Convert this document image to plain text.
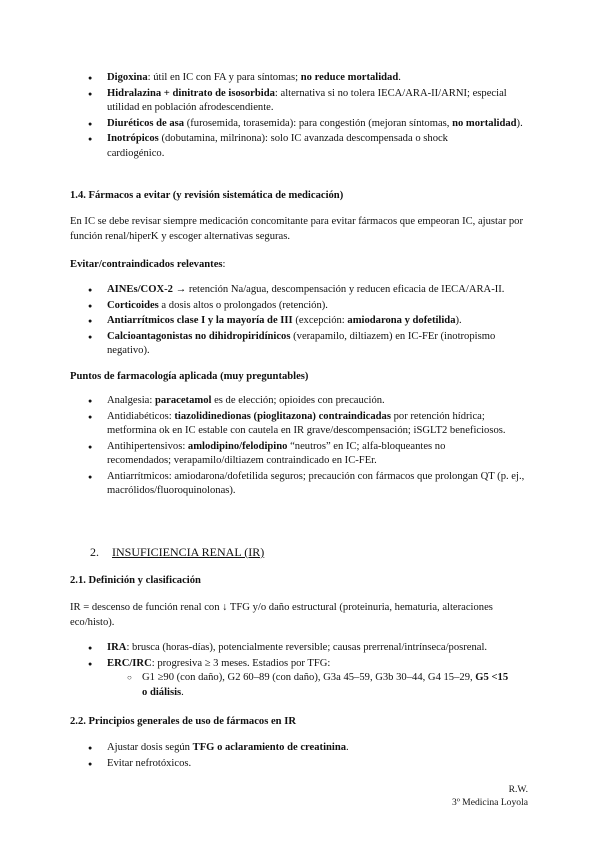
● Digoxina: útil en IC con FA y para síntomas; no reduce mortalidad.
● Hidralazina + dinitrato de isosorbida: alternativa si no tolera IECA/ARA-II/ARNI; especial utilidad en población afrodescendiente.
● Diuréticos de asa (furosemida, torasemida): para congestión (mejoran síntomas, no mortalidad).
● Inotrópicos (dobutamina, milrinona): solo IC avanzada descompensada o shock cardiogénico.

1.4. Fármacos a evitar (y revisión sistemática de medicación)

En IC se debe revisar siempre medicación concomitante para evitar fármacos que empeoran IC, ajustar por función renal/hiperK y escoger alternativas seguras.

Evitar/contraindicados relevantes:

● AINEs/COX-2 → retención Na/agua, descompensación y reducen eficacia de IECA/ARA-II.
● Corticoides a dosis altos o prolongados (retención).
● Antiarrítmicos clase I y la mayoría de III (excepción: amiodarona y dofetilida).
● Calcioantagonistas no dihidropiridínicos (verapamilo, diltiazem) en IC-FEr (inotropismo negativo).

Puntos de farmacología aplicada (muy preguntables)

● Analgesia: paracetamol es de elección; opioides con precaución.
● Antidiabéticos: tiazolidinedionas (pioglitazona) contraindicadas por retención hídrica; metformina ok en IC estable con cautela en IR grave/descompensación; iSGLT2 beneficiosos.
● Antihipertensivos: amlodipino/felodipino “neutros” en IC; alfa-bloqueantes no recomendados; verapamilo/diltiazem contraindicado en IC-FEr.
● Antiarrítmicos: amiodarona/dofetilida seguros; precaución con fármacos que prolongan QT (p. ej., macrólidos/fluoroquinolonas).
2. INSUFICIENCIA RENAL (IR)

2.1. Definición y clasificación

IR = descenso de función renal con ↓ TFG y/o daño estructural (proteinuria, hematuria, alteraciones eco/histo).

● IRA: brusca (horas-días), potencialmente reversible; causas prerrenal/intrínseca/posrenal.
● ERC/IRC: progresiva ≥ 3 meses. Estadios por TFG:
○ G1 ≥90 (con daño), G2 60–89 (con daño), G3a 45–59, G3b 30–44, G4 15–29, G5 <15 o diálisis.

2.2. Principios generales de uso de fármacos en IR

● Ajustar dosis según TFG o aclaramiento de creatinina.
● Evitar nefrotóxicos.
R.W.
3º Medicina Loyola
